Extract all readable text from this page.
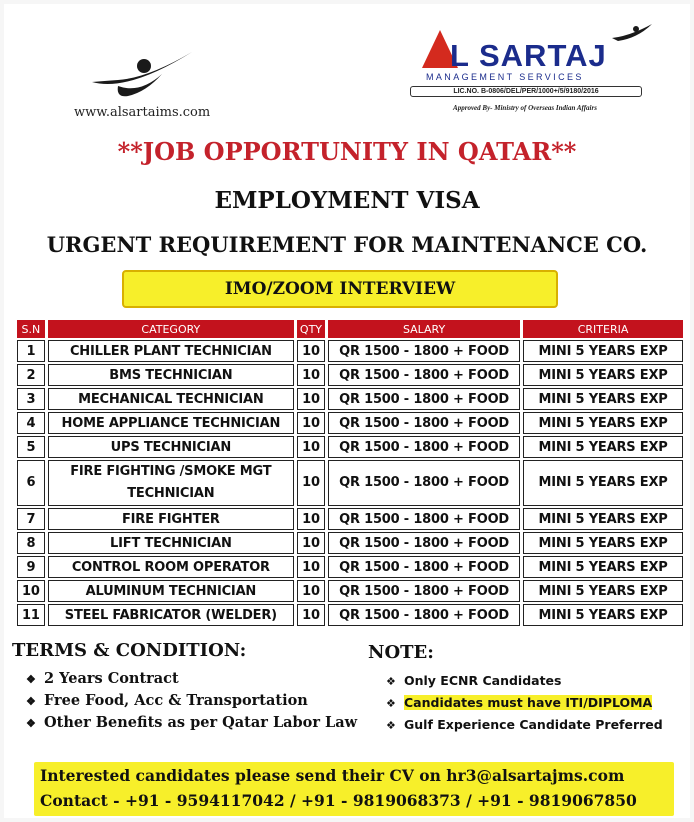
www.alsartaims.com
L SARTAJ
MANAGEMENT SERVICES
LIC.NO. B-0806/DEL/PER/1000+/5/9180/2016
Approved By- Ministry of Overseas Indian Affairs
**JOB OPPORTUNITY IN QATAR**
EMPLOYMENT VISA
URGENT REQUIREMENT FOR MAINTENANCE CO.
IMO/ZOOM INTERVIEW
S.N	CATEGORY	QTY	SALARY	CRITERIA
1	CHILLER PLANT TECHNICIAN	10	QR 1500 - 1800 + FOOD	MINI 5 YEARS EXP
2	BMS TECHNICIAN	10	QR 1500 - 1800 + FOOD	MINI 5 YEARS EXP
3	MECHANICAL TECHNICIAN	10	QR 1500 - 1800 + FOOD	MINI 5 YEARS EXP
4	HOME APPLIANCE TECHNICIAN	10	QR 1500 - 1800 + FOOD	MINI 5 YEARS EXP
5	UPS TECHNICIAN	10	QR 1500 - 1800 + FOOD	MINI 5 YEARS EXP
6	FIRE FIGHTING /SMOKE MGT TECHNICIAN	10	QR 1500 - 1800 + FOOD	MINI 5 YEARS EXP
7	FIRE FIGHTER	10	QR 1500 - 1800 + FOOD	MINI 5 YEARS EXP
8	LIFT TECHNICIAN	10	QR 1500 - 1800 + FOOD	MINI 5 YEARS EXP
9	CONTROL ROOM OPERATOR	10	QR 1500 - 1800 + FOOD	MINI 5 YEARS EXP
10	ALUMINUM TECHNICIAN	10	QR 1500 - 1800 + FOOD	MINI 5 YEARS EXP
11	STEEL FABRICATOR (WELDER)	10	QR 1500 - 1800 + FOOD	MINI 5 YEARS EXP
TERMS & CONDITION:
❖ 2 Years Contract
❖ Free Food, Acc & Transportation
❖ Other Benefits as per Qatar Labor Law
NOTE:
❖ Only ECNR Candidates
❖ Candidates must have ITI/DIPLOMA
❖ Gulf Experience Candidate Preferred
Interested candidates please send their CV on hr3@alsartajms.com
Contact - +91 - 9594117042 / +91 - 9819068373 / +91 - 9819067850
